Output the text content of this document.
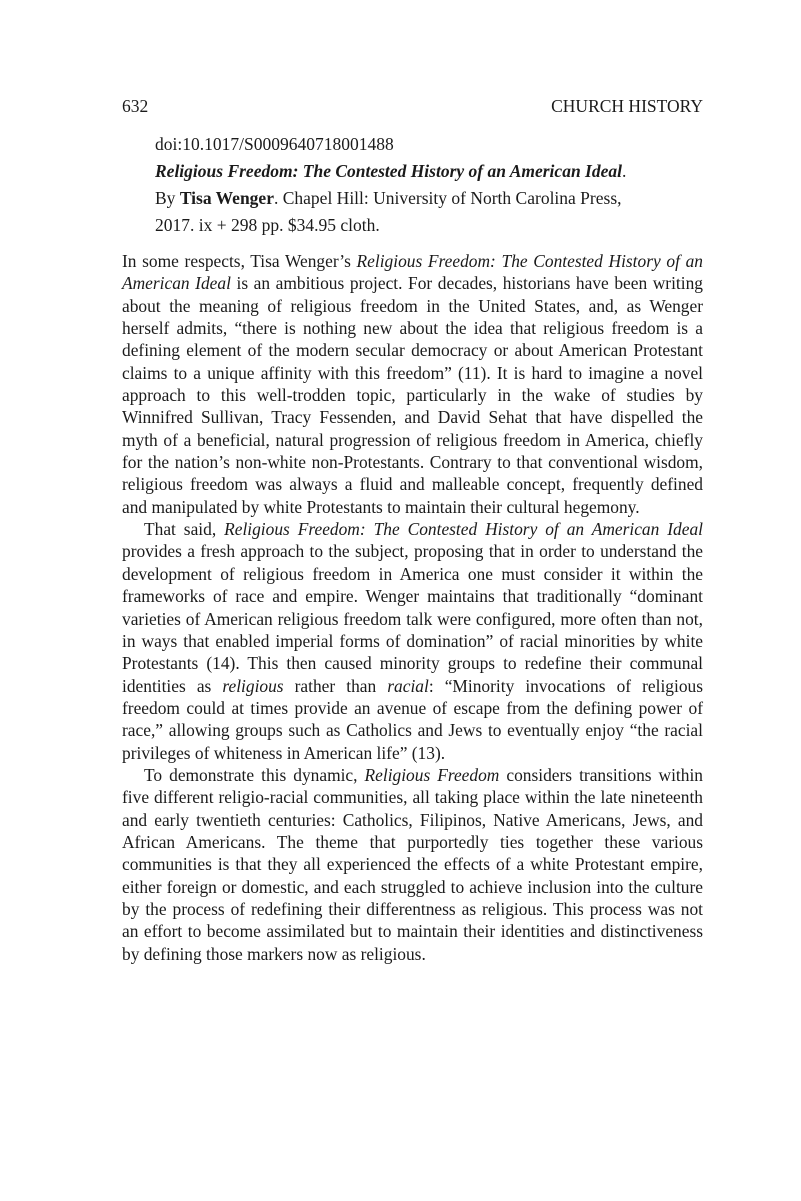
632	CHURCH HISTORY
doi:10.1017/S0009640718001488
Religious Freedom: The Contested History of an American Ideal.
By Tisa Wenger. Chapel Hill: University of North Carolina Press,
2017. ix + 298 pp. $34.95 cloth.

In some respects, Tisa Wenger’s Religious Freedom: The Contested History of an American Ideal is an ambitious project. For decades, historians have been writing about the meaning of religious freedom in the United States, and, as Wenger herself admits, “there is nothing new about the idea that religious freedom is a defining element of the modern secular democracy or about American Protestant claims to a unique affinity with this freedom” (11). It is hard to imagine a novel approach to this well-trodden topic, particularly in the wake of studies by Winnifred Sullivan, Tracy Fessenden, and David Sehat that have dispelled the myth of a beneficial, natural progression of religious freedom in America, chiefly for the nation’s non-white non-Protestants. Contrary to that conventional wisdom, religious freedom was always a fluid and malleable concept, frequently defined and manipulated by white Protestants to maintain their cultural hegemony.

That said, Religious Freedom: The Contested History of an American Ideal provides a fresh approach to the subject, proposing that in order to understand the development of religious freedom in America one must consider it within the frameworks of race and empire. Wenger maintains that traditionally “dominant varieties of American religious freedom talk were configured, more often than not, in ways that enabled imperial forms of domination” of racial minorities by white Protestants (14). This then caused minority groups to redefine their communal identities as religious rather than racial: “Minority invocations of religious freedom could at times provide an avenue of escape from the defining power of race,” allowing groups such as Catholics and Jews to eventually enjoy “the racial privileges of whiteness in American life” (13).

To demonstrate this dynamic, Religious Freedom considers transitions within five different religio-racial communities, all taking place within the late nineteenth and early twentieth centuries: Catholics, Filipinos, Native Americans, Jews, and African Americans. The theme that purportedly ties together these various communities is that they all experienced the effects of a white Protestant empire, either foreign or domestic, and each struggled to achieve inclusion into the culture by the process of redefining their differentness as religious. This process was not an effort to become assimilated but to maintain their identities and distinctiveness by defining those markers now as religious.
